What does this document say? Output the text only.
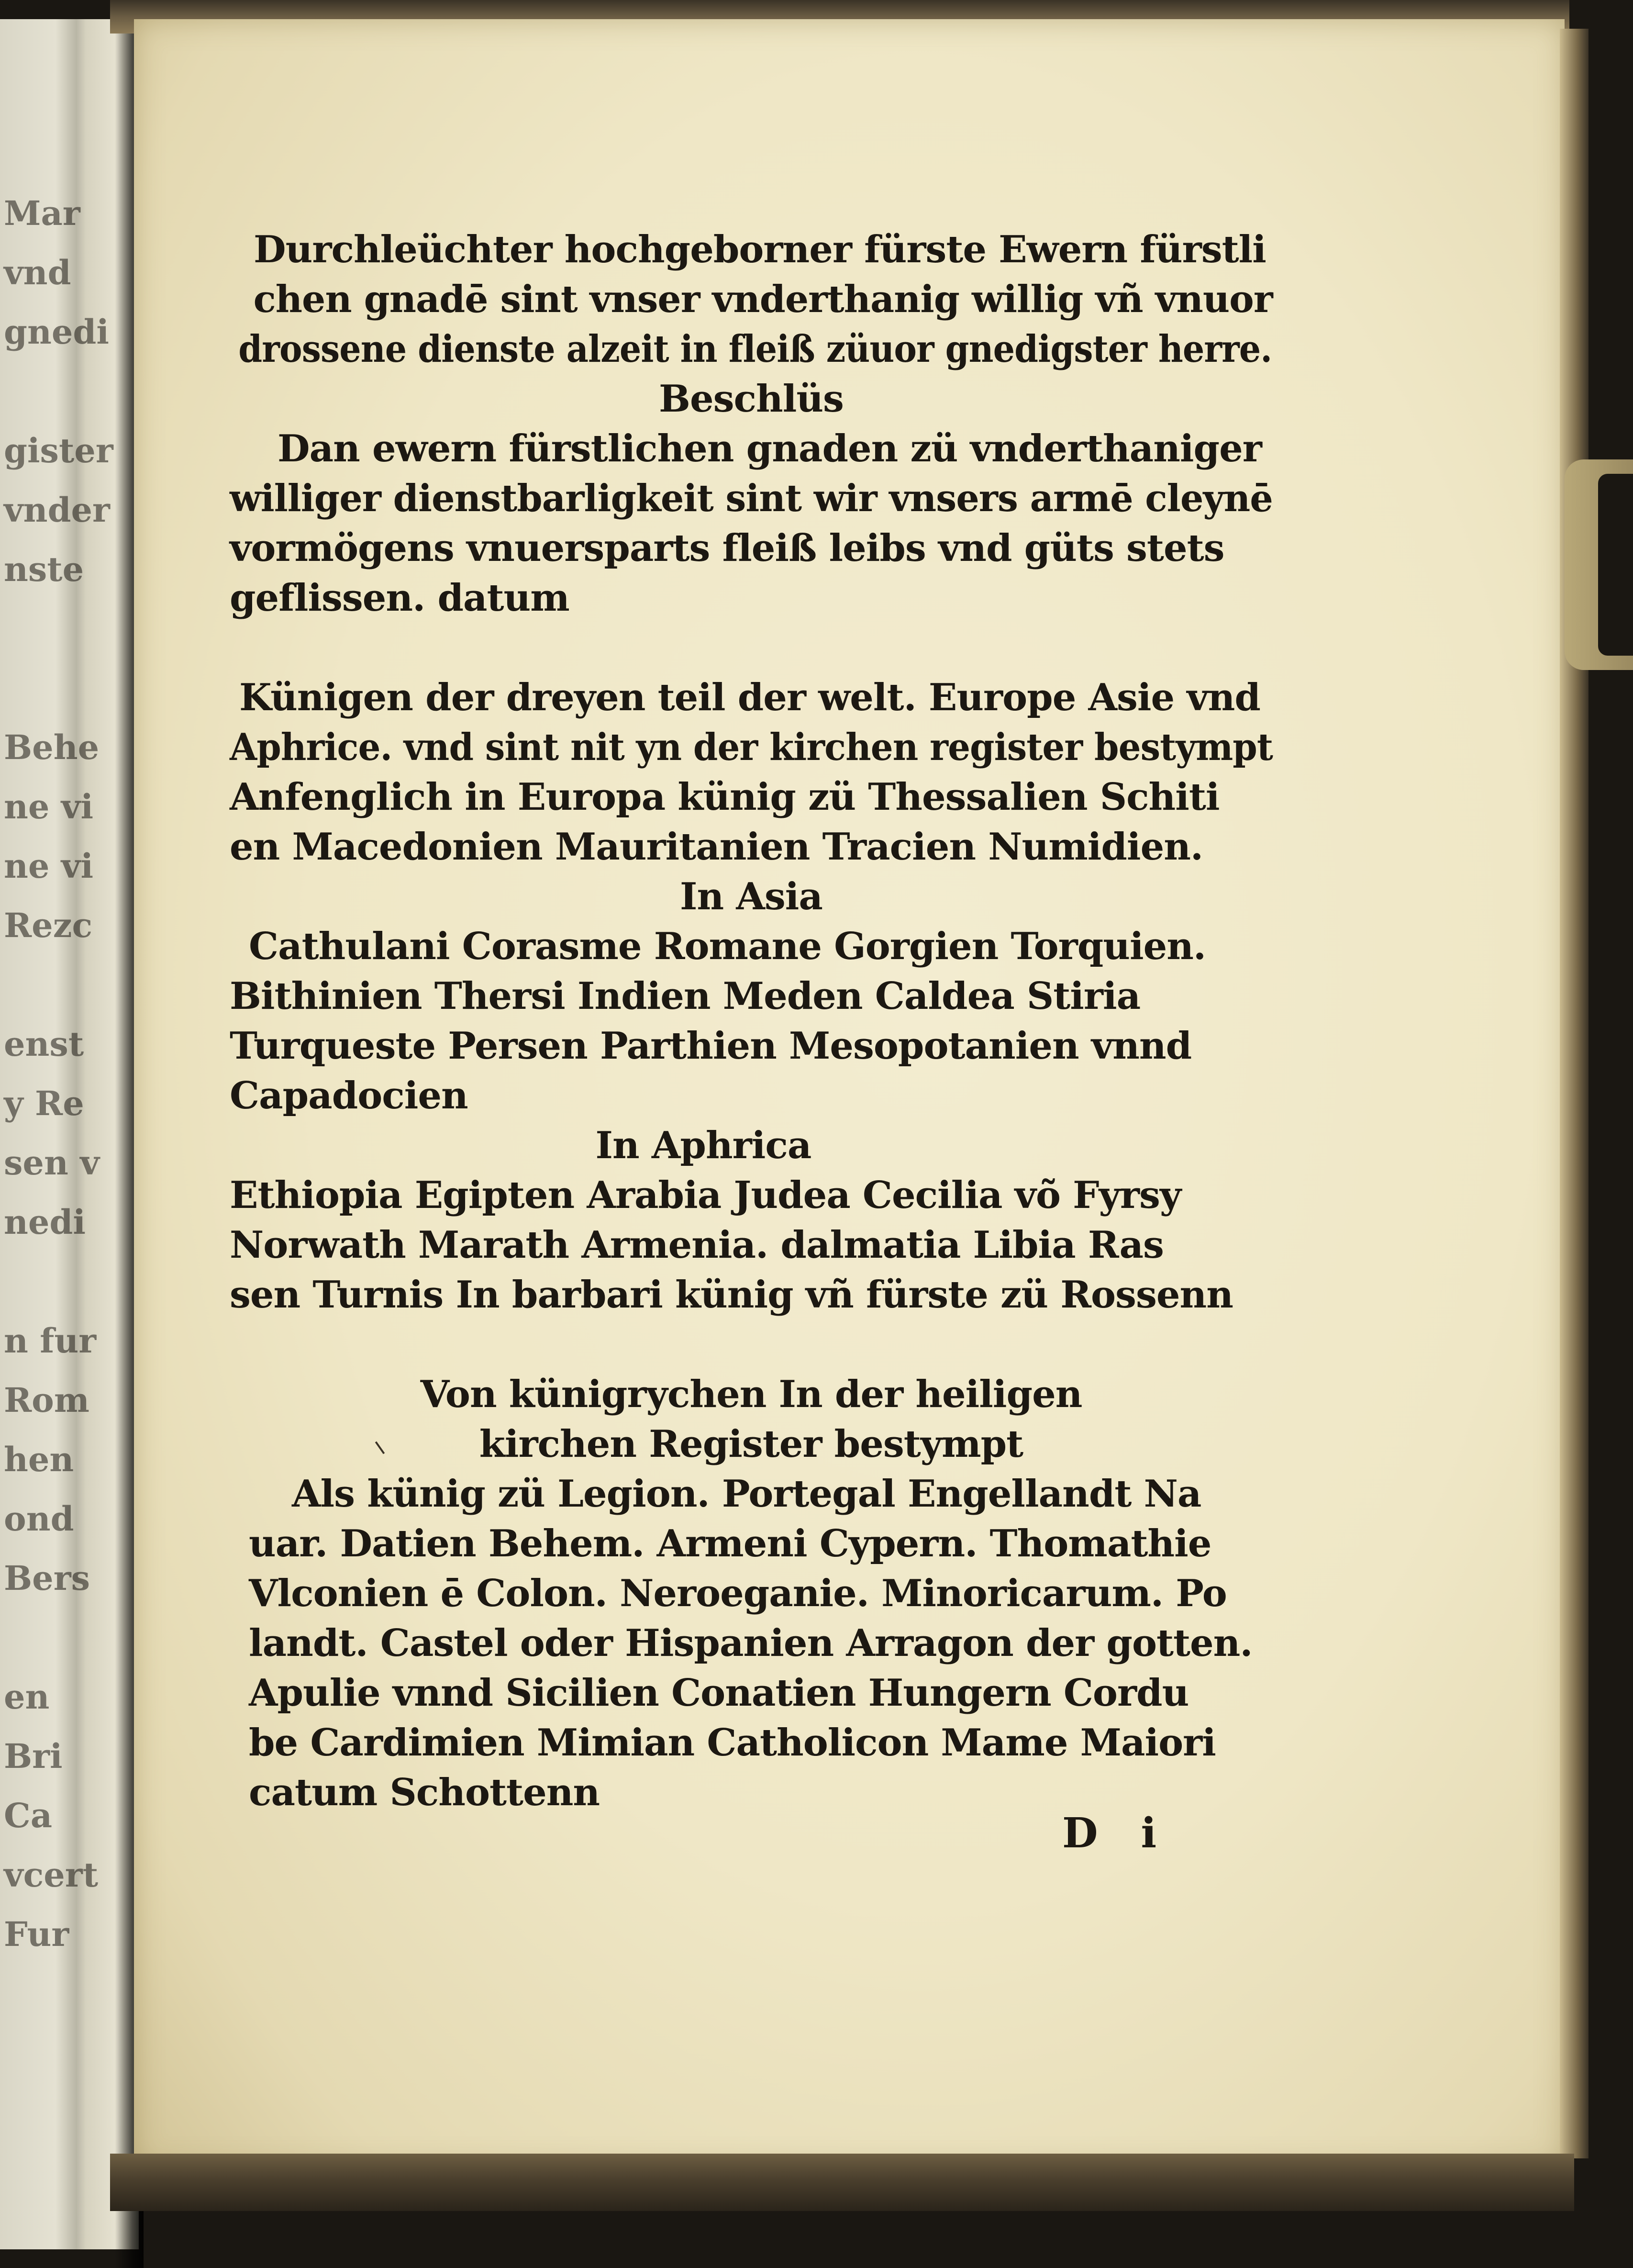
Mar
vnd
gnedi
gister
vnder
nste
Behe
ne vi
ne vi
Rezc
enst
y Re
sen v
nedi
n fur
Rom
hen
ond
Bers
en
Bri
Ca
vcert
Fur
Durchleüchter hochgeborner fürste Ewern fürstli
chen gnadē sint vnser vnderthanig willig vñ vnuor
drossene dienste alzeit in fleiß züuor gnedigster herre.
Beschlüs
Dan ewern fürstlichen gnaden zü vnderthaniger
williger dienstbarligkeit sint wir vnsers armē cleynē
vormögens vnuersparts fleiß leibs vnd güts stets
geflissen. datum
Künigen der dreyen teil der welt. Europe Asie vnd
Aphrice. vnd sint nit yn der kirchen register bestympt
Anfenglich in Europa künig zü Thessalien Schiti
en Macedonien Mauritanien Tracien Numidien.
In Asia
Cathulani Corasme Romane Gorgien Torquien.
Bithinien Thersi Indien Meden Caldea Stiria
Turqueste Persen Parthien Mesopotanien vnnd
Capadocien
In Aphrica
Ethiopia Egipten Arabia Judea Cecilia võ Fyrsy
Norwath Marath Armenia. dalmatia Libia Ras
sen Turnis In barbari künig vñ fürste zü Rossenn
Von künigrychen In der heiligen
kirchen Register bestympt
Als künig zü Legion. Portegal Engellandt Na
uar. Datien Behem. Armeni Cypern. Thomathie
Vlconien ē Colon. Neroeganie. Minoricarum. Po
landt. Castel oder Hispanien Arragon der gotten.
Apulie vnnd Sicilien Conatien Hungern Cordu
be Cardimien Mimian Catholicon Mame Maiori
catum Schottenn
D i
